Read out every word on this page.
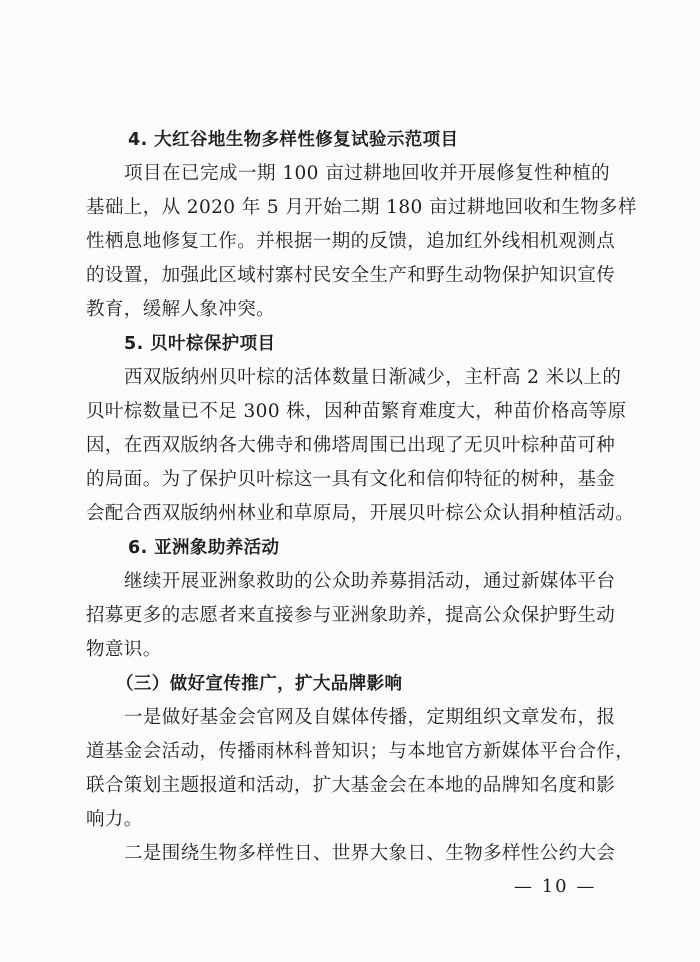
4. 大红谷地生物多样性修复试验示范项目
项目在已完成一期 100 亩过耕地回收并开展修复性种植的
基础上，从 2020 年 5 月开始二期 180 亩过耕地回收和生物多样
性栖息地修复工作。并根据一期的反馈，追加红外线相机观测点
的设置，加强此区域村寨村民安全生产和野生动物保护知识宣传
教育，缓解人象冲突。
5. 贝叶棕保护项目
西双版纳州贝叶棕的活体数量日渐减少，主杆高 2 米以上的
贝叶棕数量已不足 300 株，因种苗繁育难度大，种苗价格高等原
因，在西双版纳各大佛寺和佛塔周围已出现了无贝叶棕种苗可种
的局面。为了保护贝叶棕这一具有文化和信仰特征的树种，基金
会配合西双版纳州林业和草原局，开展贝叶棕公众认捐种植活动。
6. 亚洲象助养活动
继续开展亚洲象救助的公众助养募捐活动，通过新媒体平台
招募更多的志愿者来直接参与亚洲象助养，提高公众保护野生动
物意识。
（三）做好宣传推广，扩大品牌影响
一是做好基金会官网及自媒体传播，定期组织文章发布，报
道基金会活动，传播雨林科普知识；与本地官方新媒体平台合作，
联合策划主题报道和活动，扩大基金会在本地的品牌知名度和影
响力。
二是围绕生物多样性日、世界大象日、生物多样性公约大会
— 10 —
